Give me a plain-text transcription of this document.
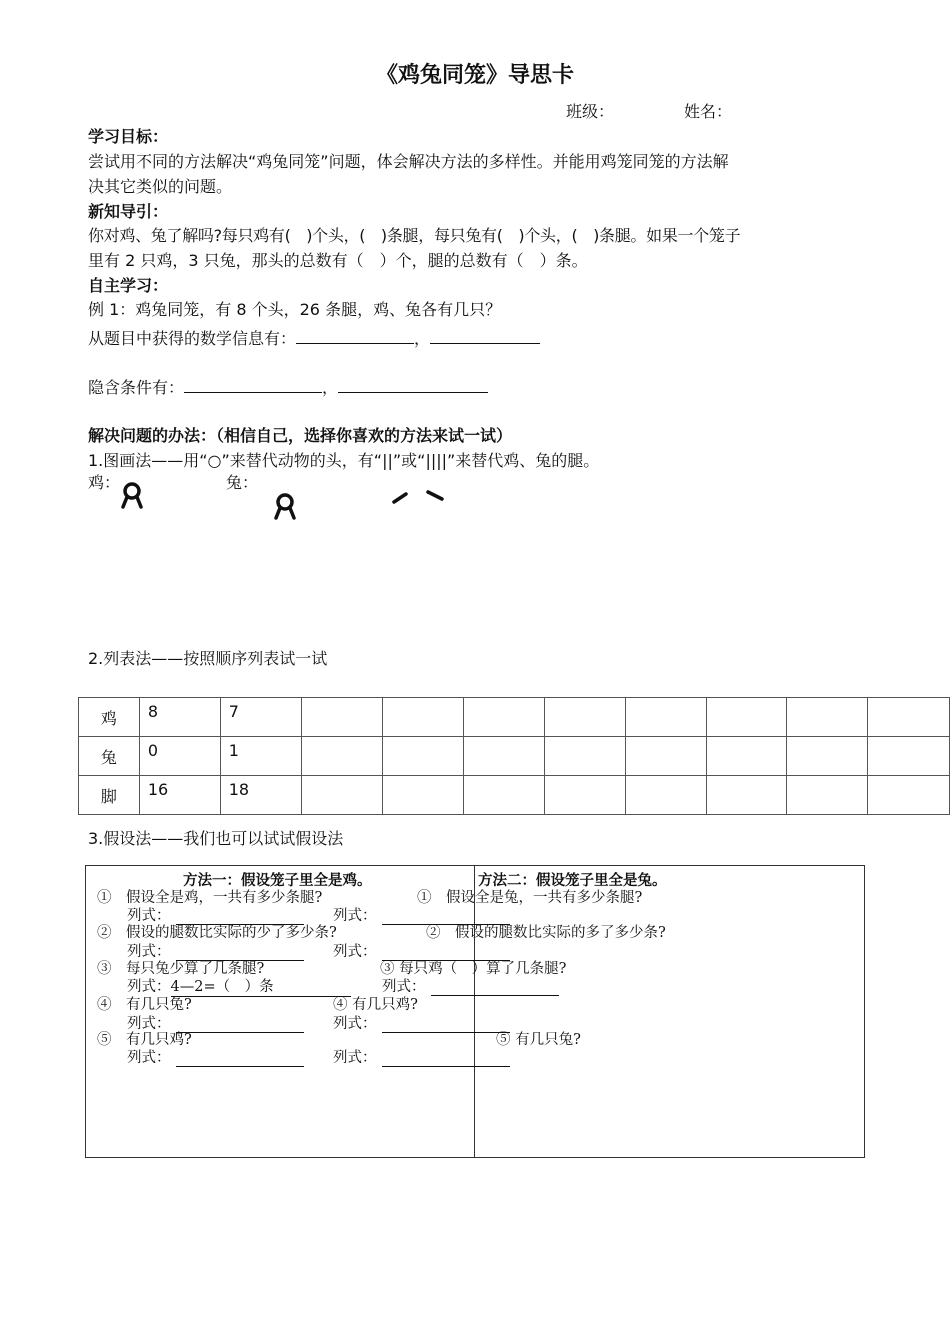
《鸡兔同笼》导思卡
班级：	姓名：
学习目标：
尝试用不同的方法解决“鸡兔同笼”问题，体会解决方法的多样性。并能用鸡笼同笼的方法解
决其它类似的问题。
新知导引：
你对鸡、兔了解吗?每只鸡有(　)个头，(　)条腿，每只兔有(　)个头，(　)条腿。如果一个笼子
里有 2 只鸡，3 只兔，那头的总数有（　）个，腿的总数有（　）条。
自主学习：
例 1：鸡兔同笼，有 8 个头，26 条腿，鸡、兔各有几只？
从题目中获得的数学信息有：	，
隐含条件有：	，
解决问题的办法：（相信自己，选择你喜欢的方法来试一试）
1.图画法——用“○”来替代动物的头，有“||”或“||||”来替代鸡、兔的腿。
鸡：	兔：
2.列表法——按照顺序列表试一试
鸡	8	7								
兔	0	1								
脚	16	18								
3.假设法——我们也可以试试假设法
方法一：假设笼子里全是鸡。	方法二：假设笼子里全是兔。
①　假设全是鸡，一共有多少条腿?
列式：
②　假设的腿数比实际的少了多少条?
列式：
③　每只兔少算了几条腿?
列式：4—2=（　）条
④　有几只兔?
列式：
⑤　有几只鸡?
列式：
①　假设全是兔，一共有多少条腿?
列式：
②　假设的腿数比实际的多了多少条?
列式：
③ 每只鸡（　）算了几条腿?
列式：
④ 有几只鸡?
列式：
⑤ 有几只兔?
列式：
